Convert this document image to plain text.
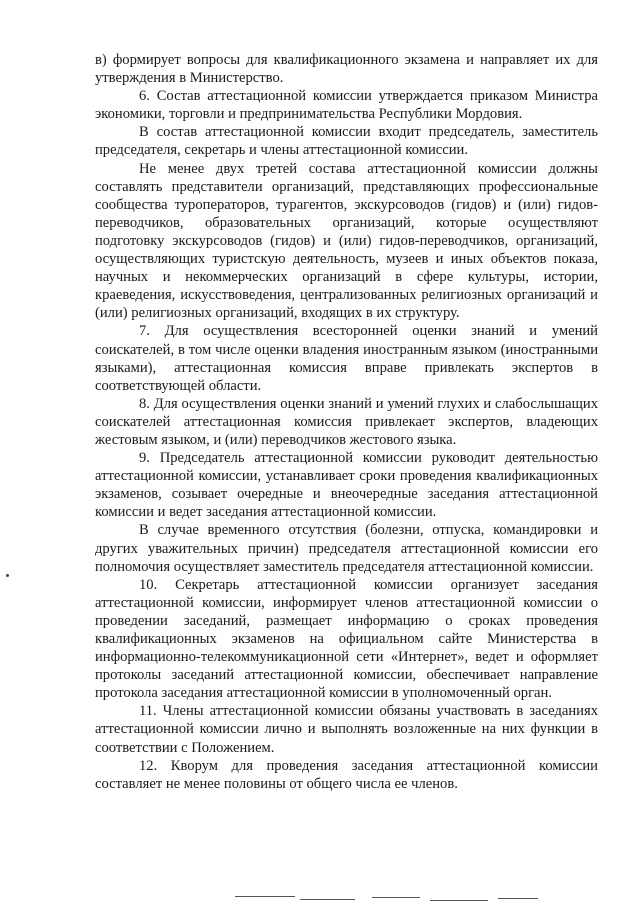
в) формирует вопросы для квалификационного экзамена и направляет их для утверждения в Министерство.

6. Состав аттестационной комиссии утверждается приказом Министра экономики, торговли и предпринимательства Республики Мордовия.

В состав аттестационной комиссии входит председатель, заместитель председателя, секретарь и члены аттестационной комиссии.

Не менее двух третей состава аттестационной комиссии должны составлять представители организаций, представляющих профессиональные сообщества туроператоров, турагентов, экскурсоводов (гидов) и (или) гидов-переводчиков, образовательных организаций, которые осуществляют подготовку экскурсоводов (гидов) и (или) гидов-переводчиков, организаций, осуществляющих туристскую деятельность, музеев и иных объектов показа, научных и некоммерческих организаций в сфере культуры, истории, краеведения, искусствоведения, централизованных религиозных организаций и (или) религиозных организаций, входящих в их структуру.

7. Для осуществления всесторонней оценки знаний и умений соискателей, в том числе оценки владения иностранным языком (иностранными языками), аттестационная комиссия вправе привлекать экспертов в соответствующей области.

8. Для осуществления оценки знаний и умений глухих и слабослышащих соискателей аттестационная комиссия привлекает экспертов, владеющих жестовым языком, и (или) переводчиков жестового языка.

9. Председатель аттестационной комиссии руководит деятельностью аттестационной комиссии, устанавливает сроки проведения квалификационных экзаменов, созывает очередные и внеочередные заседания аттестационной комиссии и ведет заседания аттестационной комиссии.

В случае временного отсутствия (болезни, отпуска, командировки и других уважительных причин) председателя аттестационной комиссии его полномочия осуществляет заместитель председателя аттестационной комиссии.

10. Секретарь аттестационной комиссии организует заседания аттестационной комиссии, информирует членов аттестационной комиссии о проведении заседаний, размещает информацию о сроках проведения квалификационных экзаменов на официальном сайте Министерства в информационно-телекоммуникационной сети «Интернет», ведет и оформляет протоколы заседаний аттестационной комиссии, обеспечивает направление протокола заседания аттестационной комиссии в уполномоченный орган.

11. Члены аттестационной комиссии обязаны участвовать в заседаниях аттестационной комиссии лично и выполнять возложенные на них функции в соответствии с Положением.

12. Кворум для проведения заседания аттестационной комиссии составляет не менее половины от общего числа ее членов.
